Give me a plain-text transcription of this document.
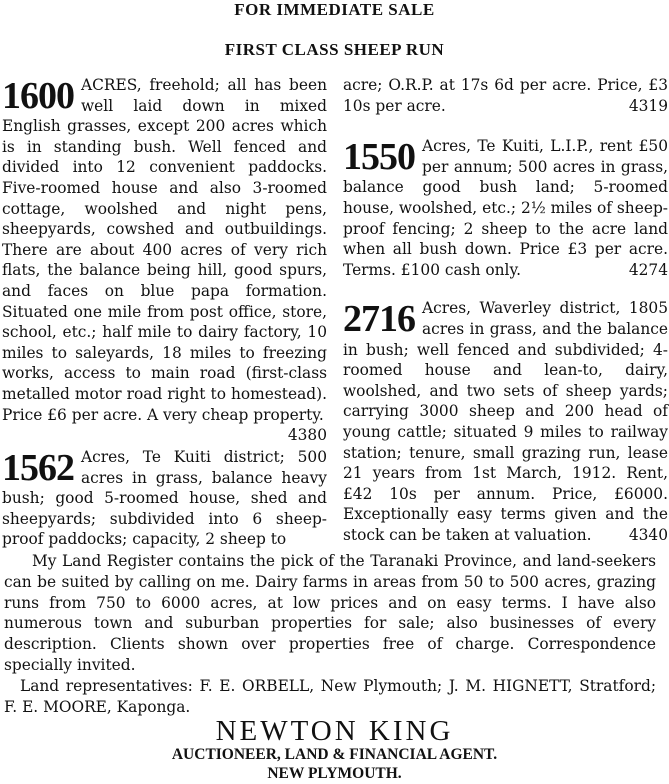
FOR IMMEDIATE SALE
FIRST CLASS SHEEP RUN
1600 ACRES, freehold; all has been well laid down in mixed English grasses, except 200 acres which is in standing bush. Well fenced and divided into 12 convenient paddocks. Five-roomed house and also 3-roomed cottage, woolshed and night pens, sheepyards, cowshed and outbuildings. There are about 400 acres of very rich flats, the balance being hill, good spurs, and faces on blue papa formation. Situated one mile from post office, store, school, etc.; half mile to dairy factory, 10 miles to saleyards, 18 miles to freezing works, access to main road (first-class metalled motor road right to homestead). Price £6 per acre. A very cheap property.
4380

1562 Acres, Te Kuiti district; 500 acres in grass, balance heavy bush; good 5-roomed house, shed and sheepyards; subdivided into 6 sheep-proof paddocks; capacity, 2 sheep to

acre; O.R.P. at 17s 6d per acre. Price, £3 10s per acre.	4319

1550 Acres, Te Kuiti, L.I.P., rent £50 per annum; 500 acres in grass, balance good bush land; 5-roomed house, woolshed, etc.; 2½ miles of sheep-proof fencing; 2 sheep to the acre land when all bush down. Price £3 per acre. Terms. £100 cash only.	4274

2716 Acres, Waverley district, 1805 acres in grass, and the balance in bush; well fenced and subdivided; 4-roomed house and lean-to, dairy, woolshed, and two sets of sheep yards; carrying 3000 sheep and 200 head of young cattle; situated 9 miles to railway station; tenure, small grazing run, lease 21 years from 1st March, 1912. Rent, £42 10s per annum. Price, £6000. Exceptionally easy terms given and the stock can be taken at valuation. 4340

My Land Register contains the pick of the Taranaki Province, and land-seekers can be suited by calling on me. Dairy farms in areas from 50 to 500 acres, grazing runs from 750 to 6000 acres, at low prices and on easy terms. I have also numerous town and suburban properties for sale; also businesses of every description. Clients shown over properties free of charge. Correspondence specially invited.

Land representatives: F. E. ORBELL, New Plymouth; J. M. HIGNETT, Stratford; F. E. MOORE, Kaponga.
NEWTON KING
AUCTIONEER, LAND & FINANCIAL AGENT.
NEW PLYMOUTH.
